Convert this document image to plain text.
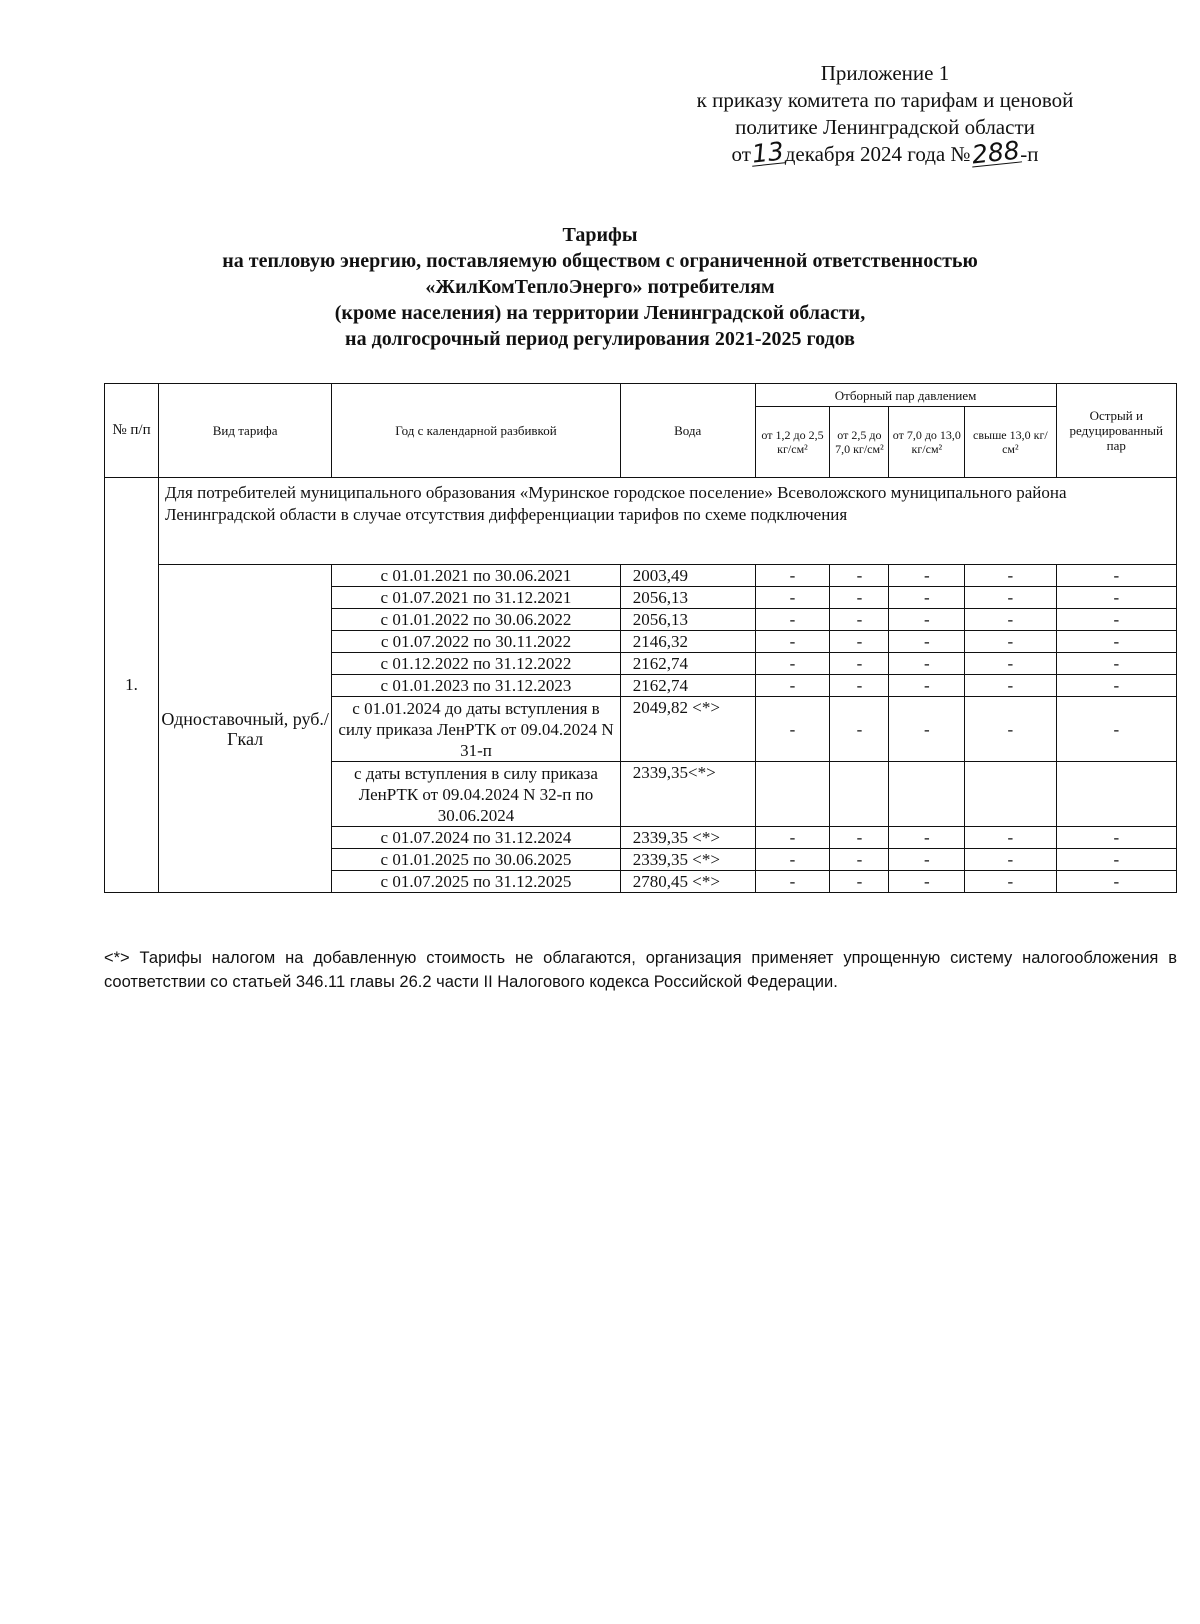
Приложение 1
к приказу комитета по тарифам и ценовой
политике Ленинградской области
от13декабря 2024 года №288-п
Тарифы
на тепловую энергию, поставляемую обществом с ограниченной ответственностью
«ЖилКомТеплоЭнерго» потребителям
(кроме населения) на территории Ленинградской области,
на долгосрочный период регулирования 2021-2025 годов
№ п/п	Вид тарифа	Год с календарной разбивкой	Вода	Отборный пар давлением				Острый и редуцированный пар
				от 1,2 до 2,5 кг/см²	от 2,5 до 7,0 кг/см²	от 7,0 до 13,0 кг/см²	свыше 13,0 кг/см²	
1.	Для потребителей муниципального образования «Муринское городское поселение» Всеволожского муниципального района Ленинградской области в случае отсутствия дифференциации тарифов по схеме подключения							
	Одноставочный, руб./Гкал	с 01.01.2021 по 30.06.2021	2003,49	-	-	-	-	-
		с 01.07.2021 по 31.12.2021	2056,13	-	-	-	-	-
		с 01.01.2022 по 30.06.2022	2056,13	-	-	-	-	-
		с 01.07.2022 по 30.11.2022	2146,32	-	-	-	-	-
		с 01.12.2022 по 31.12.2022	2162,74	-	-	-	-	-
		с 01.01.2023 по 31.12.2023	2162,74	-	-	-	-	-
		с 01.01.2024 до даты вступления в силу приказа ЛенРТК от 09.04.2024 N 31-п	2049,82 <*>	-	-	-	-	-
		с даты вступления в силу приказа ЛенРТК от 09.04.2024 N 32-п по 30.06.2024	2339,35<*>					
		с 01.07.2024 по 31.12.2024	2339,35 <*>	-	-	-	-	-
		с 01.01.2025 по 30.06.2025	2339,35 <*>	-	-	-	-	-
		с 01.07.2025 по 31.12.2025	2780,45 <*>	-	-	-	-	-
<*> Тарифы налогом на добавленную стоимость не облагаются, организация применяет упрощенную систему налогообложения в соответствии со статьей 346.11 главы 26.2 части II Налогового кодекса Российской Федерации.
